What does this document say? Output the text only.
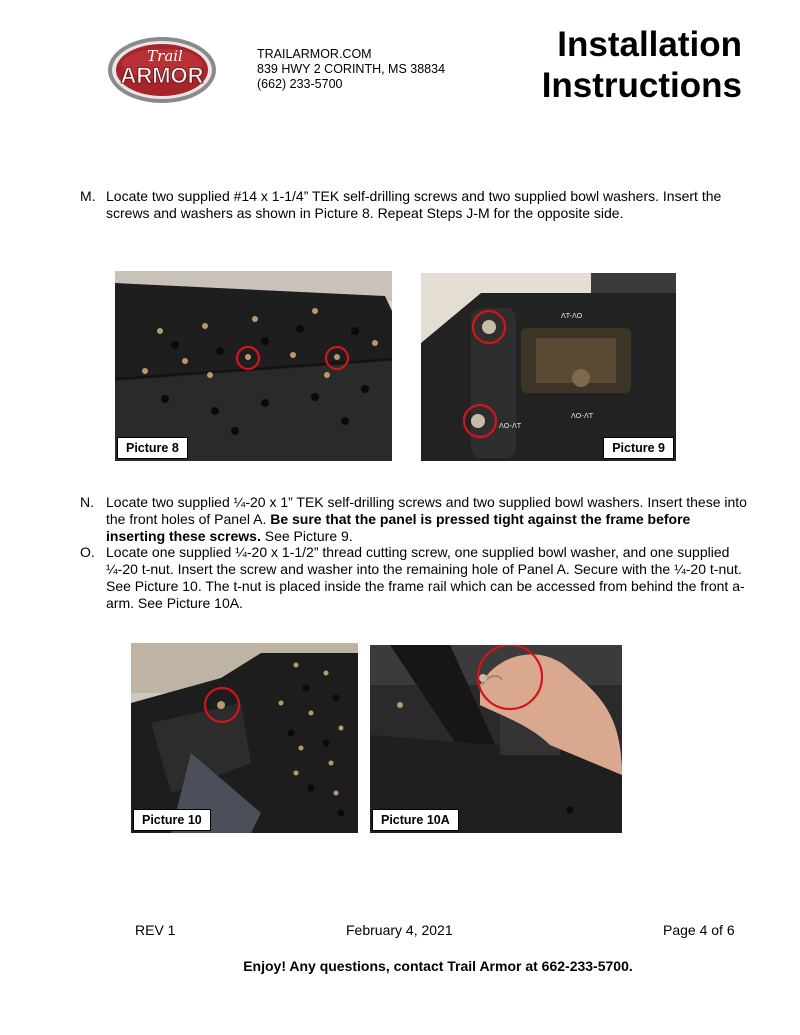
Trail
ARMOR
TRAILARMOR.COM
839 HWY 2 CORINTH, MS 38834
(662) 233-5700
Installation
Instructions
M. Locate two supplied #14 x 1-1/4” TEK self-drilling screws and two supplied bowl washers. Insert the screws and washers as shown in Picture 8. Repeat Steps J-M for the opposite side.
Picture 8
ɅT-ɅO
ɅO-ɅT
ɅO-ɅT
Picture 9
N. Locate two supplied ¼-20 x 1” TEK self-drilling screws and two supplied bowl washers. Insert these into the front holes of Panel A. Be sure that the panel is pressed tight against the frame before inserting these screws. See Picture 9.
O. Locate one supplied ¼-20 x 1-1/2” thread cutting screw, one supplied bowl washer, and one supplied ¼-20 t-nut. Insert the screw and washer into the remaining hole of Panel A. Secure with the ¼-20 t-nut. See Picture 10. The t-nut is placed inside the frame rail which can be accessed from behind the front a-arm. See Picture 10A.
Picture 10	Picture 10A
REV 1	February 4, 2021	Page 4 of 6
Enjoy! Any questions, contact Trail Armor at 662-233-5700.
